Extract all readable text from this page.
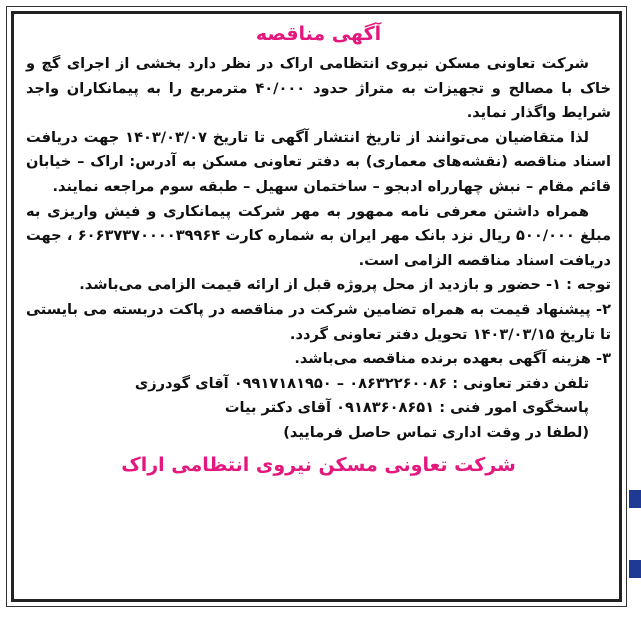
آگهی مناقصه

شرکت تعاونی مسکن نیروی انتظامی اراک در نظر دارد بخشی از اجرای گچ و خاک با مصالح و تجهیزات به متراژ حدود ۴۰/۰۰۰ مترمربع را به پیمانکاران واجد شرایط واگذار نماید.

لذا متقاضیان می‌توانند از تاریخ انتشار آگهی تا تاریخ ۱۴۰۳/۰۳/۰۷ جهت دریافت اسناد مناقصه (نقشه‌های معماری) به دفتر تعاونی مسکن به آدرس: اراک – خیابان قائم مقام – نبش چهارراه ادبجو – ساختمان سهیل – طبقه سوم مراجعه نمایند.

همراه داشتن معرفی نامه ممهور به مهر شرکت پیمانکاری و فیش واریزی به مبلغ ۵۰۰/۰۰۰ ریال نزد بانک مهر ایران به شماره کارت ۶۰۶۳۷۳۷۰۰۰۰۳۹۹۶۴ ، جهت دریافت اسناد مناقصه الزامی است.

توجه : ۱- حضور و بازدید از محل پروژه قبل از ارائه قیمت الزامی می‌باشد.

۲- پیشنهاد قیمت به همراه تضامین شرکت در مناقصه در پاکت دربسته می بایستی تا تاریخ ۱۴۰۳/۰۳/۱۵ تحویل دفتر تعاونی گردد.

۳- هزینه آگهی بعهده برنده مناقصه می‌باشد.

تلفن دفتر تعاونی : ۰۸۶۳۲۲۶۰۰۸۶ – ۰۹۹۱۷۱۸۱۹۵۰ آقای گودرزی

پاسخگوی امور فنی : ۰۹۱۸۳۶۰۸۶۵۱ آقای دکتر بیات

(لطفا در وقت اداری تماس حاصل فرمایید)

شرکت تعاونی مسکن نیروی انتظامی اراک
